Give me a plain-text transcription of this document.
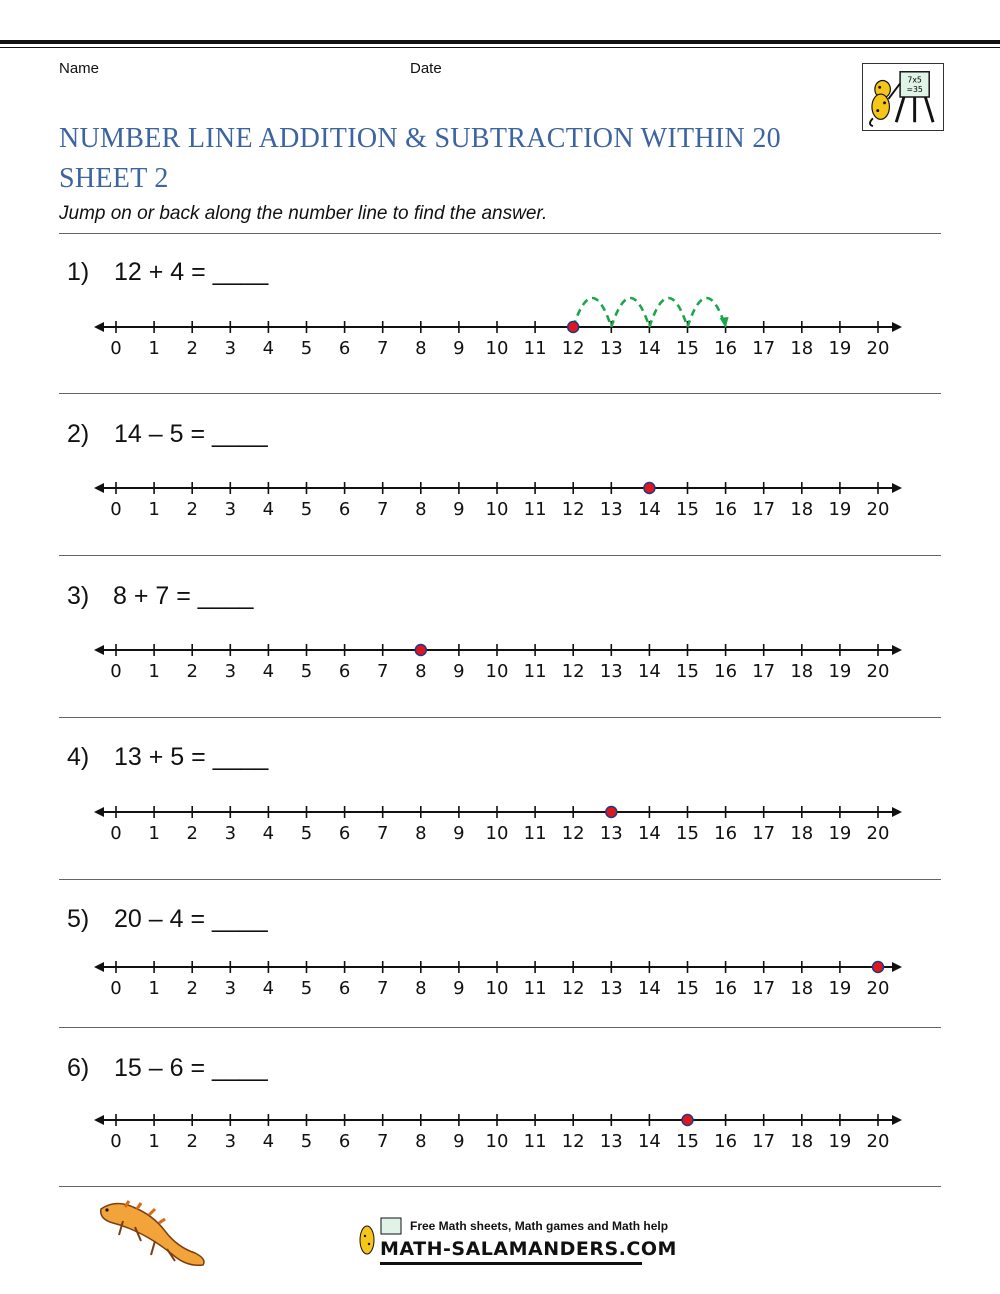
Name	Date
7x5
=35
NUMBER LINE ADDITION & SUBTRACTION WITHIN 20
SHEET 2
Jump on or back along the number line to find the answer.
1) 12 + 4 = ____
0 1 2 3 4 5 6 7 8 9 10 11 12 13 14 15 16 17 18 19 20
2) 14 – 5 = ____
0 1 2 3 4 5 6 7 8 9 10 11 12 13 14 15 16 17 18 19 20
3) 8 + 7 = ____
0 1 2 3 4 5 6 7 8 9 10 11 12 13 14 15 16 17 18 19 20
4) 13 + 5 = ____
0 1 2 3 4 5 6 7 8 9 10 11 12 13 14 15 16 17 18 19 20
5) 20 – 4 = ____
0 1 2 3 4 5 6 7 8 9 10 11 12 13 14 15 16 17 18 19 20
6) 15 – 6 = ____
0 1 2 3 4 5 6 7 8 9 10 11 12 13 14 15 16 17 18 19 20
Free Math sheets, Math games and Math help
MATH-SALAMANDERS.COM
